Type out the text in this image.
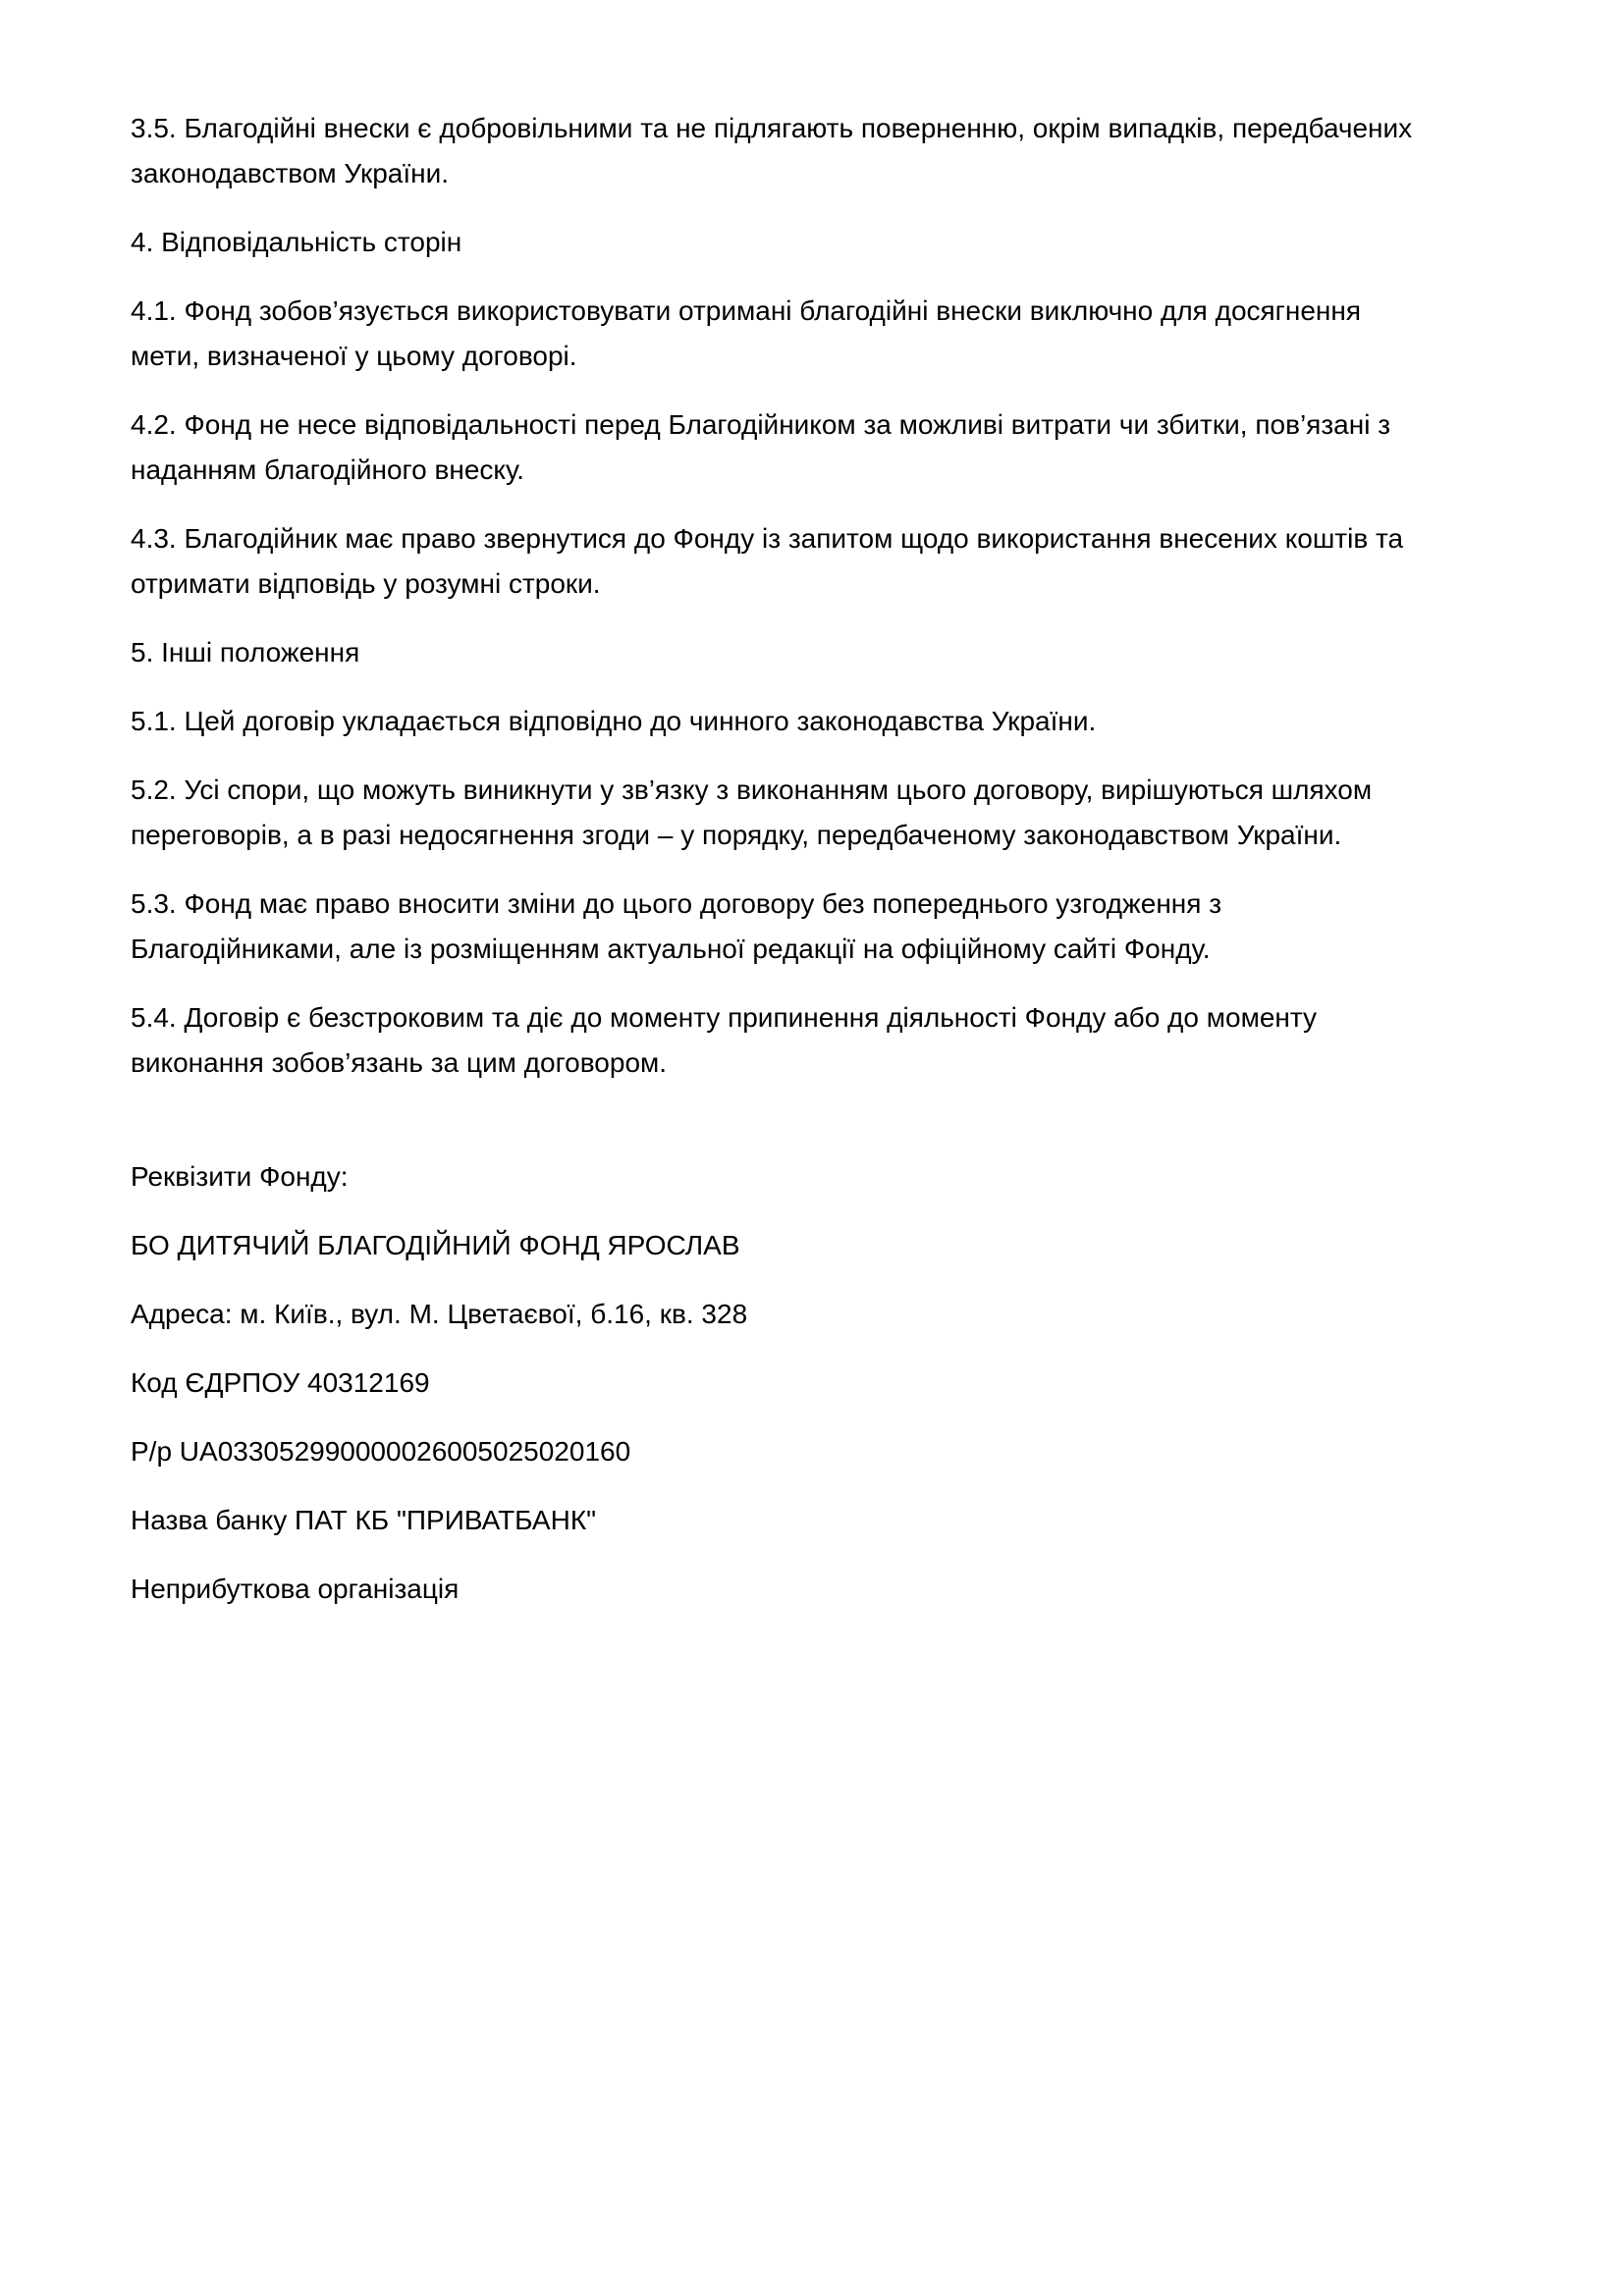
3.5. Благодійні внески є добровільними та не підлягають поверненню, окрім випадків, передбачених
законодавством України.

4. Відповідальність сторін

4.1. Фонд зобов’язується використовувати отримані благодійні внески виключно для досягнення
мети, визначеної у цьому договорі.

4.2. Фонд не несе відповідальності перед Благодійником за можливі витрати чи збитки, пов’язані з
наданням благодійного внеску.

4.3. Благодійник має право звернутися до Фонду із запитом щодо використання внесених коштів та
отримати відповідь у розумні строки.

5. Інші положення

5.1. Цей договір укладається відповідно до чинного законодавства України.

5.2. Усі спори, що можуть виникнути у зв’язку з виконанням цього договору, вирішуються шляхом
переговорів, а в разі недосягнення згоди – у порядку, передбаченому законодавством України.

5.3. Фонд має право вносити зміни до цього договору без попереднього узгодження з
Благодійниками, але із розміщенням актуальної редакції на офіційному сайті Фонду.

5.4. Договір є безстроковим та діє до моменту припинення діяльності Фонду або до моменту
виконання зобов’язань за цим договором.

Реквізити Фонду:

БО ДИТЯЧИЙ БЛАГОДІЙНИЙ ФОНД ЯРОСЛАВ

Адреса: м. Київ., вул. М. Цветаєвої, б.16, кв. 328

Код ЄДРПОУ 40312169

Р/р UA033052990000026005025020160

Назва банку ПАТ КБ "ПРИВАТБАНК"

Неприбуткова організація
